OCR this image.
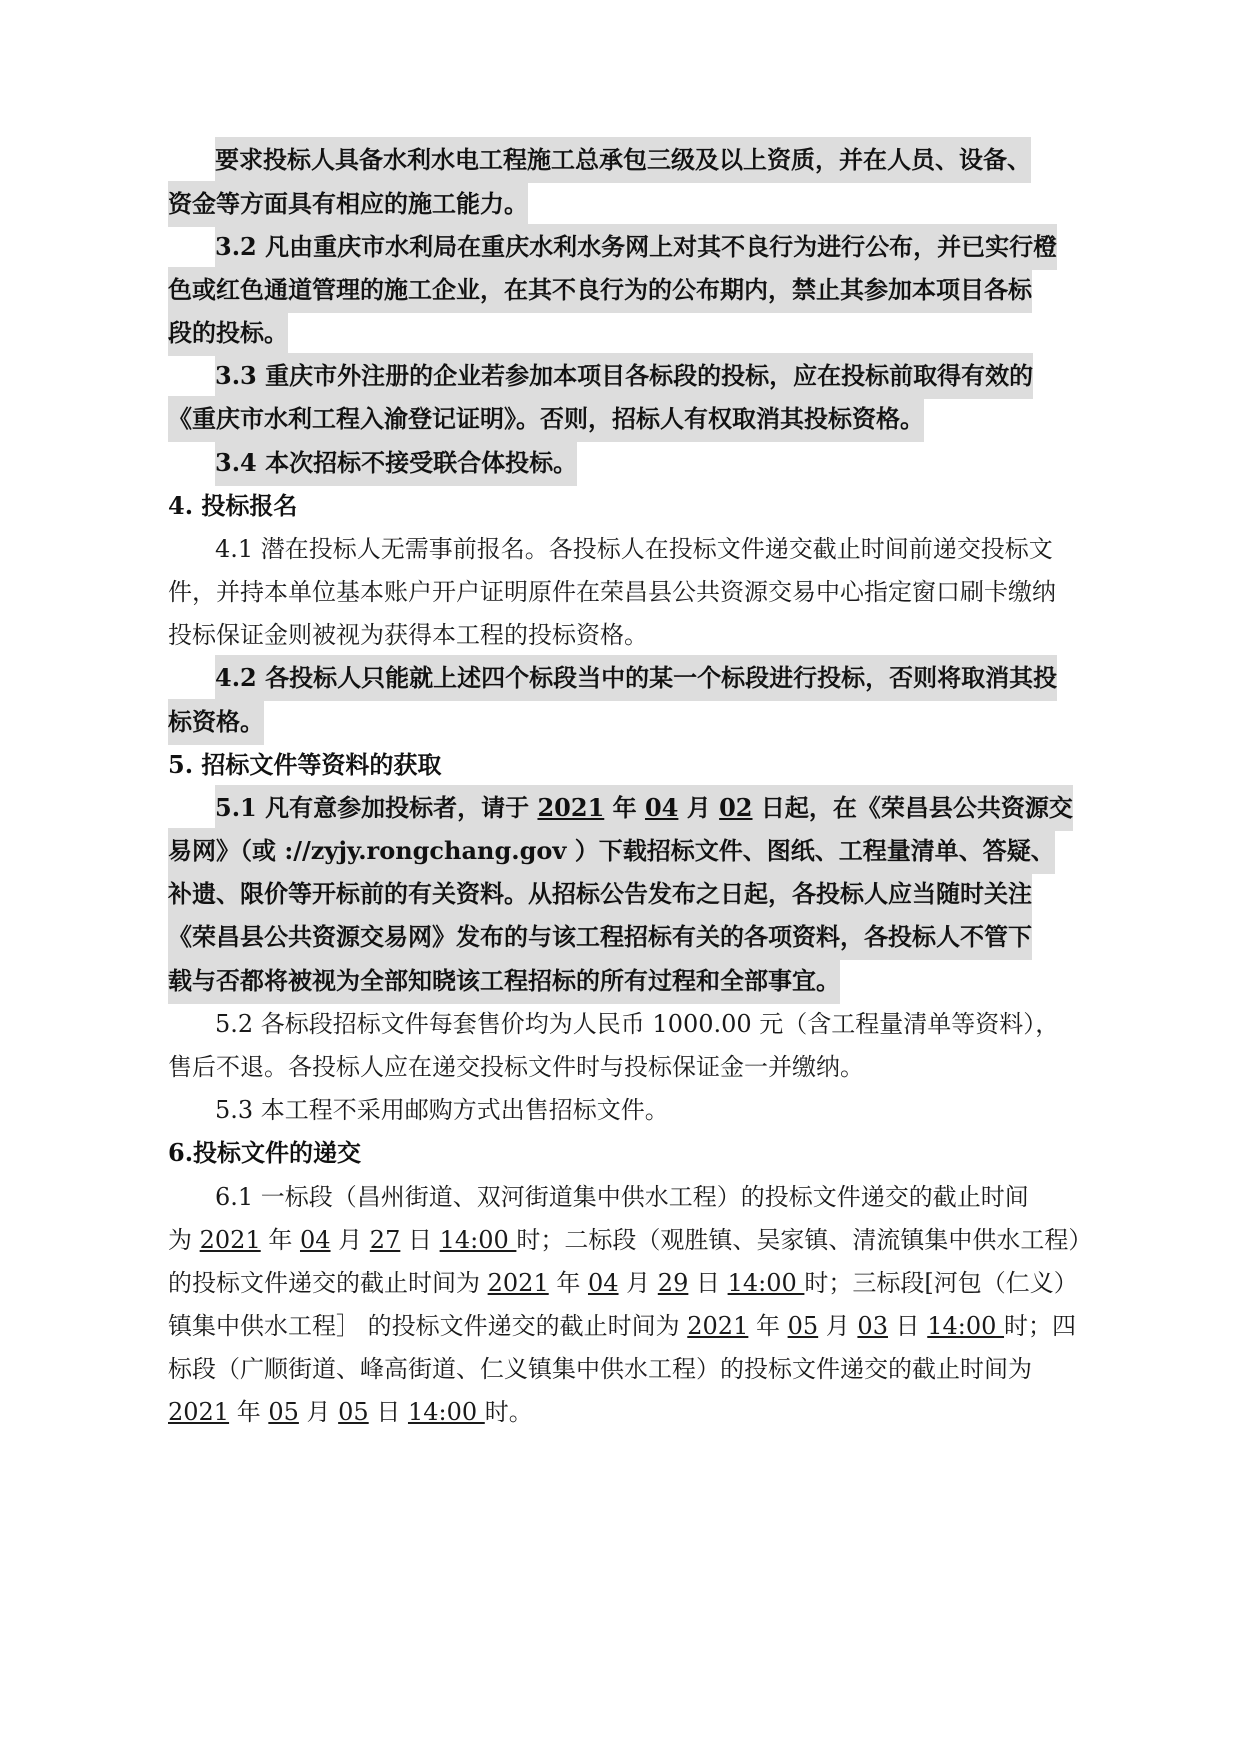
要求投标人具备水利水电工程施工总承包三级及以上资质，并在人员、设备、
资金等方面具有相应的施工能力。
3.2 凡由重庆市水利局在重庆水利水务网上对其不良行为进行公布，并已实行橙
色或红色通道管理的施工企业，在其不良行为的公布期内，禁止其参加本项目各标
段的投标。
3.3 重庆市外注册的企业若参加本项目各标段的投标，应在投标前取得有效的
《重庆市水利工程入渝登记证明》。否则，招标人有权取消其投标资格。
3.4 本次招标不接受联合体投标。
4. 投标报名
4.1 潜在投标人无需事前报名。各投标人在投标文件递交截止时间前递交投标文
件，并持本单位基本账户开户证明原件在荣昌县公共资源交易中心指定窗口刷卡缴纳
投标保证金则被视为获得本工程的投标资格。
4.2 各投标人只能就上述四个标段当中的某一个标段进行投标，否则将取消其投
标资格。
5. 招标文件等资料的获取
5.1 凡有意参加投标者，请于 2021 年 04 月 02 日起，在《荣昌县公共资源交
易网》（或 ://zyjy.rongchang.gov ）下载招标文件、图纸、工程量清单、答疑、
补遗、限价等开标前的有关资料。从招标公告发布之日起，各投标人应当随时关注
《荣昌县公共资源交易网》发布的与该工程招标有关的各项资料，各投标人不管下
载与否都将被视为全部知晓该工程招标的所有过程和全部事宜。
5.2 各标段招标文件每套售价均为人民币 1000.00 元（含工程量清单等资料），
售后不退。各投标人应在递交投标文件时与投标保证金一并缴纳。
5.3 本工程不采用邮购方式出售招标文件。
6.投标文件的递交
6.1 一标段（昌州街道、双河街道集中供水工程）的投标文件递交的截止时间
为 2021 年 04 月 27 日 14:00 时；二标段（观胜镇、吴家镇、清流镇集中供水工程）
的投标文件递交的截止时间为 2021 年 04 月 29 日 14:00 时；三标段[河包（仁义）
镇集中供水工程］ 的投标文件递交的截止时间为 2021 年 05 月 03 日 14:00 时；四
标段（广顺街道、峰高街道、仁义镇集中供水工程）的投标文件递交的截止时间为
2021 年 05 月 05 日 14:00 时。
